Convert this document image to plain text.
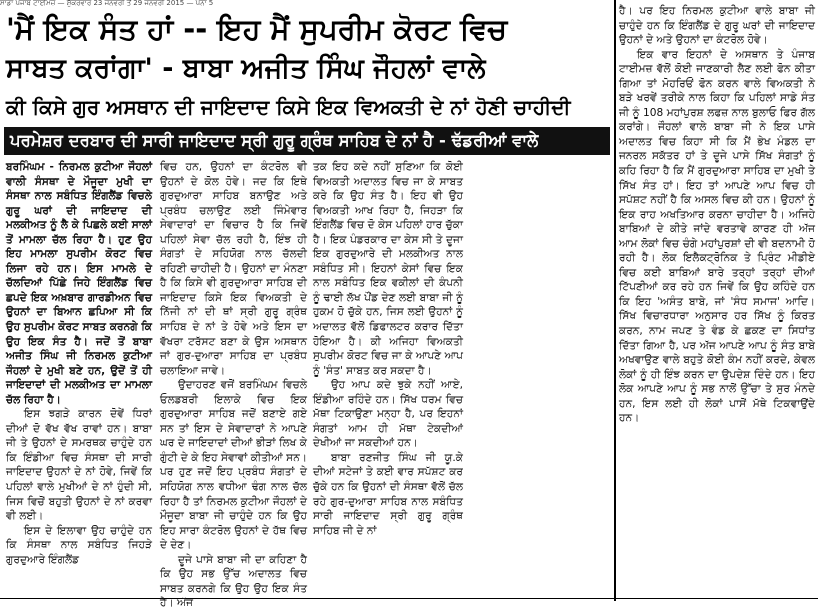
ਸਾਡਾ ਪੰਜਾਬ ਟਾਈਮਜ਼ — ਸ਼ੁੱਕਰਵਾਰ 23 ਜਨਵਰੀ ਤੋਂ 29 ਜਨਵਰੀ 2015 — ਪੰਨਾ 5
'ਮੈਂ ਇਕ ਸੰਤ ਹਾਂ -- ਇਹ ਮੈਂ ਸੁਪਰੀਮ ਕੋਰਟ ਵਿਚ
ਸਾਬਤ ਕਰਾਂਗਾ' - ਬਾਬਾ ਅਜੀਤ ਸਿੰਘ ਜੌਹਲਾਂ ਵਾਲੇ
ਕੀ ਕਿਸੇ ਗੁਰ ਅਸਥਾਨ ਦੀ ਜਾਇਦਾਦ ਕਿਸੇ ਇਕ ਵਿਅਕਤੀ ਦੇ ਨਾਂ ਹੋਣੀ ਚਾਹੀਦੀ
ਪਰਮੇਸ਼ਰ ਦਰਬਾਰ ਦੀ ਸਾਰੀ ਜਾਇਦਾਦ ਸ੍ਰੀ ਗੁਰੂ ਗ੍ਰੰਥ ਸਾਹਿਬ ਦੇ ਨਾਂ ਹੈ - ਢੱਡਰੀਆਂ ਵਾਲੇ

ਬਰਮਿੰਘਮ - ਨਿਰਮਲ ਕੁਟੀਆ ਜੌਹਲਾਂ ਵਾਲੀ ਸੰਸਥਾ ਦੇ ਮੌਜੂਦਾ ਮੁਖੀ ਦਾ ਸੰਸਥਾ ਨਾਲ ਸਬੰਧਿਤ ਇੰਗਲੈਂਡ ਵਿਚਲੇ ਗੁਰੂ ਘਰਾਂ ਦੀ ਜਾਇਦਾਦ ਦੀ ਮਲਕੀਅਤ ਨੂੰ ਲੈ ਕੇ ਪਿਛਲੇ ਕਈ ਸਾਲਾਂ ਤੋਂ ਮਾਮਲਾ ਚੱਲ ਰਿਹਾ ਹੈ। ਹੁਣ ਉਹ ਇਹ ਮਾਮਲਾ ਸੁਪਰੀਮ ਕੋਰਟ ਵਿਚ ਲਿਜਾ ਰਹੇ ਹਨ। ਇਸ ਮਾਮਲੇ ਦੇ ਚੱਲਦਿਆਂ ਪਿੱਛੇ ਜਿਹੇ ਇੰਗਲੈਂਡ ਵਿਚ ਛਪਦੇ ਇਕ ਅਖ਼ਬਾਰ ਗਾਰਡੀਅਨ ਵਿਚ ਉਹਨਾਂ ਦਾ ਬਿਆਨ ਛਪਿਆ ਸੀ ਕਿ ਉਹ ਸੁਪਰੀਮ ਕੋਰਟ ਸਾਬਤ ਕਰਨਗੇ ਕਿ ਉਹ ਇਕ ਸੰਤ ਹੈ। ਜਦੋਂ ਤੋਂ ਬਾਬਾ ਅਜੀਤ ਸਿੰਘ ਜੀ ਨਿਰਮਲ ਕੁਟੀਆ ਜੌਹਲਾਂ ਦੇ ਮੁਖੀ ਬਣੇ ਹਨ, ਉਦੋਂ ਤੋਂ ਹੀ ਜਾਇਦਾਦਾਂ ਦੀ ਮਲਕੀਅਤ ਦਾ ਮਾਮਲਾ ਚੱਲ ਰਿਹਾ ਹੈ।

ਇਸ ਝਗੜੇ ਕਾਰਨ ਦੋਵੇਂ ਧਿਰਾਂ ਦੀਆਂ ਦੋ ਵੱਖ ਵੱਖ ਰਾਵਾਂ ਹਨ। ਬਾਬਾ ਜੀ ਤੇ ਉਹਨਾਂ ਦੇ ਸਮਰਥਕ ਚਾਹੁੰਦੇ ਹਨ ਕਿ ਇੰਡੀਆ ਵਿਚ ਸੰਸਥਾ ਦੀ ਸਾਰੀ ਜਾਇਦਾਦ ਉਹਨਾਂ ਦੇ ਨਾਂ ਹੋਵੇ, ਜਿਵੇਂ ਕਿ ਪਹਿਲਾਂ ਵਾਲੇ ਮੁਖੀਆਂ ਦੇ ਨਾਂ ਹੁੰਦੀ ਸੀ, ਜਿਸ ਵਿਚੋਂ ਬਹੁਤੀ ਉਹਨਾਂ ਦੇ ਨਾਂ ਕਰਵਾ ਵੀ ਲਈ।

ਇਸ ਦੇ ਇਲਾਵਾ ਉਹ ਚਾਹੁੰਦੇ ਹਨ ਕਿ ਸੰਸਥਾ ਨਾਲ ਸਬੰਧਿਤ ਜਿਹੜੇ ਗੁਰਦੁਆਰੇ ਇੰਗਲੈਂਡ

ਵਿਚ ਹਨ, ਉਹਨਾਂ ਦਾ ਕੰਟਰੋਲ ਵੀ ਉਹਨਾਂ ਦੇ ਕੋਲ ਹੋਵੇ। ਜਦ ਕਿ ਇਥੇ ਗੁਰਦੁਆਰਾ ਸਾਹਿਬ ਬਨਾਉਣ ਅਤੇ ਪ੍ਰਬੰਧ ਚਲਾਉਣ ਲਈ ਜਿੰਮੇਵਾਰ ਸੇਵਾਦਾਰਾਂ ਦਾ ਵਿਚਾਰ ਹੈ ਕਿ ਜਿਵੇਂ ਪਹਿਲਾਂ ਸੇਵਾ ਚੱਲ ਰਹੀ ਹੈ, ਇੰਝ ਹੀ ਸੰਗਤਾਂ ਦੇ ਸਹਿਯੋਗ ਨਾਲ ਚੱਲਦੀ ਰਹਿਣੀ ਚਾਹੀਦੀ ਹੈ। ਉਹਨਾਂ ਦਾ ਮੰਨਣਾ ਹੈ ਕਿ ਕਿਸੇ ਵੀ ਗੁਰਦੁਆਰਾ ਸਾਹਿਬ ਦੀ ਜਾਇਦਾਦ ਕਿਸੇ ਇਕ ਵਿਅਕਤੀ ਦੇ ਨਿੱਜੀ ਨਾਂ ਦੀ ਥਾਂ ਸ੍ਰੀ ਗੁਰੂ ਗ੍ਰੰਥ ਸਾਹਿਬ ਦੇ ਨਾਂ ਤੇ ਹੋਵੇ ਅਤੇ ਇਸ ਦਾ ਵੱਖਰਾ ਟਰੱਸਟ ਬਣਾ ਕੇ ਉਸ ਅਸਥਾਨ ਜਾਂ ਗੁਰ-ਦੁਆਰਾ ਸਾਹਿਬ ਦਾ ਪ੍ਰਬੰਧ ਚਲਾਇਆ ਜਾਵੇ।

ਉਦਾਹਰਣ ਵਜੋਂ ਬਰਮਿੰਘਮ ਵਿਚਲੇ ਓਲਡਬਰੀ ਇਲਾਕੇ ਵਿਚ ਇਕ ਗੁਰਦੁਆਰਾ ਸਾਹਿਬ ਜਦੋਂ ਬਣਾਏ ਗਏ ਸਨ ਤਾਂ ਇਸ ਦੇ ਸੇਵਾਦਾਰਾਂ ਨੇ ਆਪਣੇ ਘਰ ਦੇ ਜਾਇਦਾਦਾਂ ਦੀਆਂ ਭੀੜਾਂ ਲਿਖ ਕੇ ਗੁੰਟੀ ਦੇ ਕੇ ਇਹ ਸੇਵਾਵਾਂ ਕੀਤੀਆਂ ਸਨ। ਪਰ ਹੁਣ ਜਦੋਂ ਇਹ ਪ੍ਰਬੰਧ ਸੰਗਤਾਂ ਦੇ ਸਹਿਯੋਗ ਨਾਲ ਵਧੀਆ ਢੰਗ ਨਾਲ ਚੱਲ ਰਿਹਾ ਹੈ ਤਾਂ ਨਿਰਮਲ ਕੁਟੀਆ ਜੌਹਲਾਂ ਦੇ ਮੌਜੂਦਾ ਬਾਬਾ ਜੀ ਚਾਹੁੰਦੇ ਹਨ ਕਿ ਉਹ ਇਹ ਸਾਰਾ ਕੰਟਰੋਲ ਉਹਨਾਂ ਦੇ ਹੱਥ ਵਿਚ ਦੇ ਦੇਣ।

ਦੂਜੇ ਪਾਸੇ ਬਾਬਾ ਜੀ ਦਾ ਕਹਿਣਾ ਹੈ ਕਿ ਉਹ ਸਭ ਉੱਚ ਅਦਾਲਤ ਵਿਚ ਸਾਬਤ ਕਰਨਗੇ ਕਿ ਉਹ ਉਹ ਇਕ ਸੰਤ ਹੈ। ਅੱਜ

ਤਕ ਇਹ ਕਦੇ ਨਹੀਂ ਸੁਣਿਆ ਕਿ ਕੋਈ ਵਿਅਕਤੀ ਅਦਾਲਤ ਵਿਚ ਜਾ ਕੇ ਸਾਬਤ ਕਰੇ ਕਿ ਉਹ ਸੰਤ ਹੈ। ਇਹ ਵੀ ਉਹ ਵਿਅਕਤੀ ਆਖ ਰਿਹਾ ਹੈ, ਜਿਹੜਾ ਕਿ ਇੰਗਲੈਂਡ ਵਿਚ ਦੋ ਕੇਸ ਪਹਿਲਾਂ ਹਾਰ ਚੁੱਕਾ ਹੈ। ਇਕ ਪੰਡਰਕਾਰ ਦਾ ਕੇਸ ਸੀ ਤੇ ਦੂਜਾ ਇਕ ਗੁਰਦੁਆਰੇ ਦੀ ਮਲਕੀਅਤ ਨਾਲ ਸਬੰਧਿਤ ਸੀ। ਇਹਨਾਂ ਕੇਸਾਂ ਵਿਚ ਇਕ ਨਾਲ ਸਬੰਧਿਤ ਇਕ ਵਕੀਲਾਂ ਦੀ ਕੰਪਨੀ ਨੂੰ ਢਾਈ ਲੱਖ ਪੌਂਡ ਦੇਣ ਲਈ ਬਾਬਾ ਜੀ ਨੂੰ ਹੁਕਮ ਹੋ ਚੁੱਕੇ ਹਨ, ਜਿਸ ਲਈ ਉਹਨਾਂ ਨੂੰ ਅਦਾਲਤ ਵੱਲੋਂ ਡਿਫਾਲਟਰ ਕਰਾਰ ਦਿੱਤਾ ਹੋਇਆ ਹੈ। ਕੀ ਅਜਿਹਾ ਵਿਅਕਤੀ ਸੁਪਰੀਮ ਕੋਰਟ ਵਿਚ ਜਾ ਕੇ ਆਪਣੇ ਆਪ ਨੂੰ 'ਸੰਤ' ਸਾਬਤ ਕਰ ਸਕਦਾ ਹੈ।

ਉਹ ਆਪ ਕਦੇ ਝੁਕੇ ਨਹੀਂ ਆਏ, ਇੰਡੀਆ ਰਹਿੰਦੇ ਹਨ। ਸਿੱਖ ਧਰਮ ਵਿਚ ਮੱਥਾ ਟਿਕਾਉਣਾ ਮਨ੍ਹਾ ਹੈ, ਪਰ ਇਹਨਾਂ ਸੰਗਤਾਂ ਆਮ ਹੀ ਮੱਥਾ ਟੇਕਦੀਆਂ ਦੇਖੀਆਂ ਜਾ ਸਕਦੀਆਂ ਹਨ।

ਬਾਬਾ ਰਣਜੀਤ ਸਿੰਘ ਜੀ ਯੂ.ਕੇ ਦੀਆਂ ਸਟੇਜਾਂ ਤੇ ਕਈ ਵਾਰ ਸਪੱਸ਼ਟ ਕਰ ਚੁੱਕੇ ਹਨ ਕਿ ਉਹਨਾਂ ਦੀ ਸੰਸਥਾ ਵੱਲੋਂ ਚੱਲ ਰਹੇ ਗੁਰ-ਦੁਆਰਾ ਸਾਹਿਬ ਨਾਲ ਸਬੰਧਿਤ ਸਾਰੀ ਜਾਇਦਾਦ ਸ੍ਰੀ ਗੁਰੂ ਗ੍ਰੰਥ ਸਾਹਿਬ ਜੀ ਦੇ ਨਾਂ

ਹੈ। ਪਰ ਇਹ ਨਿਰਮਲ ਕੁਟੀਆ ਵਾਲੇ ਬਾਬਾ ਜੀ ਚਾਹੁੰਦੇ ਹਨ ਕਿ ਇੰਗਲੈਂਡ ਦੇ ਗੁਰੂ ਘਰਾਂ ਦੀ ਜਾਇਦਾਦ ਉਹਨਾਂ ਦੇ ਅਤੇ ਉਹਨਾਂ ਦਾ ਕੰਟਰੋਲ ਹੋਵੇ।

ਇਕ ਵਾਰ ਇਹਨਾਂ ਦੇ ਅਸਥਾਨ ਤੇ ਪੰਜਾਬ ਟਾਈਮਜ਼ ਵੱਲੋਂ ਕੋਈ ਜਾਣਕਾਰੀ ਲੈਣ ਲਈ ਫੋਨ ਕੀਤਾ ਗਿਆ ਤਾਂ ਮੋਹਰਿਓਂ ਫੋਨ ਕਰਨ ਵਾਲੇ ਵਿਅਕਤੀ ਨੇ ਬੜੇ ਖਰਵੇਂ ਤਰੀਕੇ ਨਾਲ ਕਿਹਾ ਕਿ ਪਹਿਲਾਂ ਸਾਡੇ ਸੰਤ ਜੀ ਨੂੰ 108 ਮਹਾਂਪੁਰਸ਼ ਲਫਜ਼ ਨਾਲ ਬੁਲਾਓ ਫਿਰ ਗੱਲ ਕਰਾਂਗੇ। ਜੌਹਲਾਂ ਵਾਲੇ ਬਾਬਾ ਜੀ ਨੇ ਇਕ ਪਾਸੇ ਅਦਾਲਤ ਵਿਚ ਕਿਹਾ ਸੀ ਕਿ ਮੈਂ ਭੇਖ ਮੰਡਲ ਦਾ ਜਨਰਲ ਸਕੱਤਰ ਹਾਂ ਤੇ ਦੂਜੇ ਪਾਸੇ ਸਿੱਖ ਸੰਗਤਾਂ ਨੂੰ ਕਹਿ ਰਿਹਾ ਹੈ ਕਿ ਮੈਂ ਗੁਰਦੁਆਰਾ ਸਾਹਿਬ ਦਾ ਮੁਖੀ ਤੇ ਸਿੱਖ ਸੰਤ ਹਾਂ। ਇਹ ਤਾਂ ਆਪਣੇ ਆਪ ਵਿਚ ਹੀ ਸਪੱਸ਼ਟ ਨਹੀਂ ਹੈ ਕਿ ਅਸਲ ਵਿਚ ਕੀ ਹਨ। ਉਹਨਾਂ ਨੂੰ ਇਕ ਰਾਹ ਅਖਤਿਆਰ ਕਰਨਾ ਚਾਹੀਦਾ ਹੈ। ਅਜਿਹੇ ਬਾਬਿਆਂ ਦੇ ਕੀਤੇ ਜਾਂਦੇ ਵਰਤਾਵੇ ਕਾਰਣ ਹੀ ਅੱਜ ਆਮ ਲੋਕਾਂ ਵਿਚ ਚੰਗੇ ਮਹਾਂਪੁਰਸ਼ਾਂ ਦੀ ਵੀ ਬਦਨਾਮੀ ਹੋ ਰਹੀ ਹੈ। ਲੋਕ ਇਲੈਕਟ੍ਰੋਨਿਕ ਤੇ ਪ੍ਰਿੰਟ ਮੀਡੀਏ ਵਿਚ ਕਈ ਬਾਬਿਆਂ ਬਾਰੇ ਤਰ੍ਹਾਂ ਤਰ੍ਹਾਂ ਦੀਆਂ ਟਿੱਪਣੀਆਂ ਕਰ ਰਹੇ ਹਨ ਜਿਵੇਂ ਕਿ ਉਹ ਕਹਿੰਦੇ ਹਨ ਕਿ ਇਹ 'ਅਸੰਤ ਬਾਬੇ, ਜਾਂ 'ਸੰਧ ਸਮਾਜ' ਆਦਿ। ਸਿੱਖ ਵਿਚਾਰਧਾਰਾ ਅਨੁਸਾਰ ਹਰ ਸਿੱਖ ਨੂੰ ਕਿਰਤ ਕਰਨ, ਨਾਮ ਜਪਣ ਤੇ ਵੰਡ ਕੇ ਛਕਣ ਦਾ ਸਿਧਾਂਤ ਦਿੱਤਾ ਗਿਆ ਹੈ, ਪਰ ਅੱਜ ਆਪਣੇ ਆਪ ਨੂੰ ਸੰਤ ਬਾਬੇ ਅਖਵਾਉਣ ਵਾਲੇ ਬਹੁਤੇ ਕੋਈ ਕੰਮ ਨਹੀਂ ਕਰਦੇ, ਕੇਵਲ ਲੋਕਾਂ ਨੂੰ ਹੀ ਇੰਝ ਕਰਨ ਦਾ ਉਪਦੇਸ਼ ਦਿੰਦੇ ਹਨ। ਇਹ ਲੋਕ ਆਪਣੇ ਆਪ ਨੂੰ ਸਭ ਨਾਲੋਂ ਉੱਚਾ ਤੇ ਸੁਰ ਮੰਨਦੇ ਹਨ, ਇਸ ਲਈ ਹੀ ਲੋਕਾਂ ਪਾਸੋਂ ਮੱਥੇ ਟਿਕਵਾਉਂਦੇ ਹਨ।
